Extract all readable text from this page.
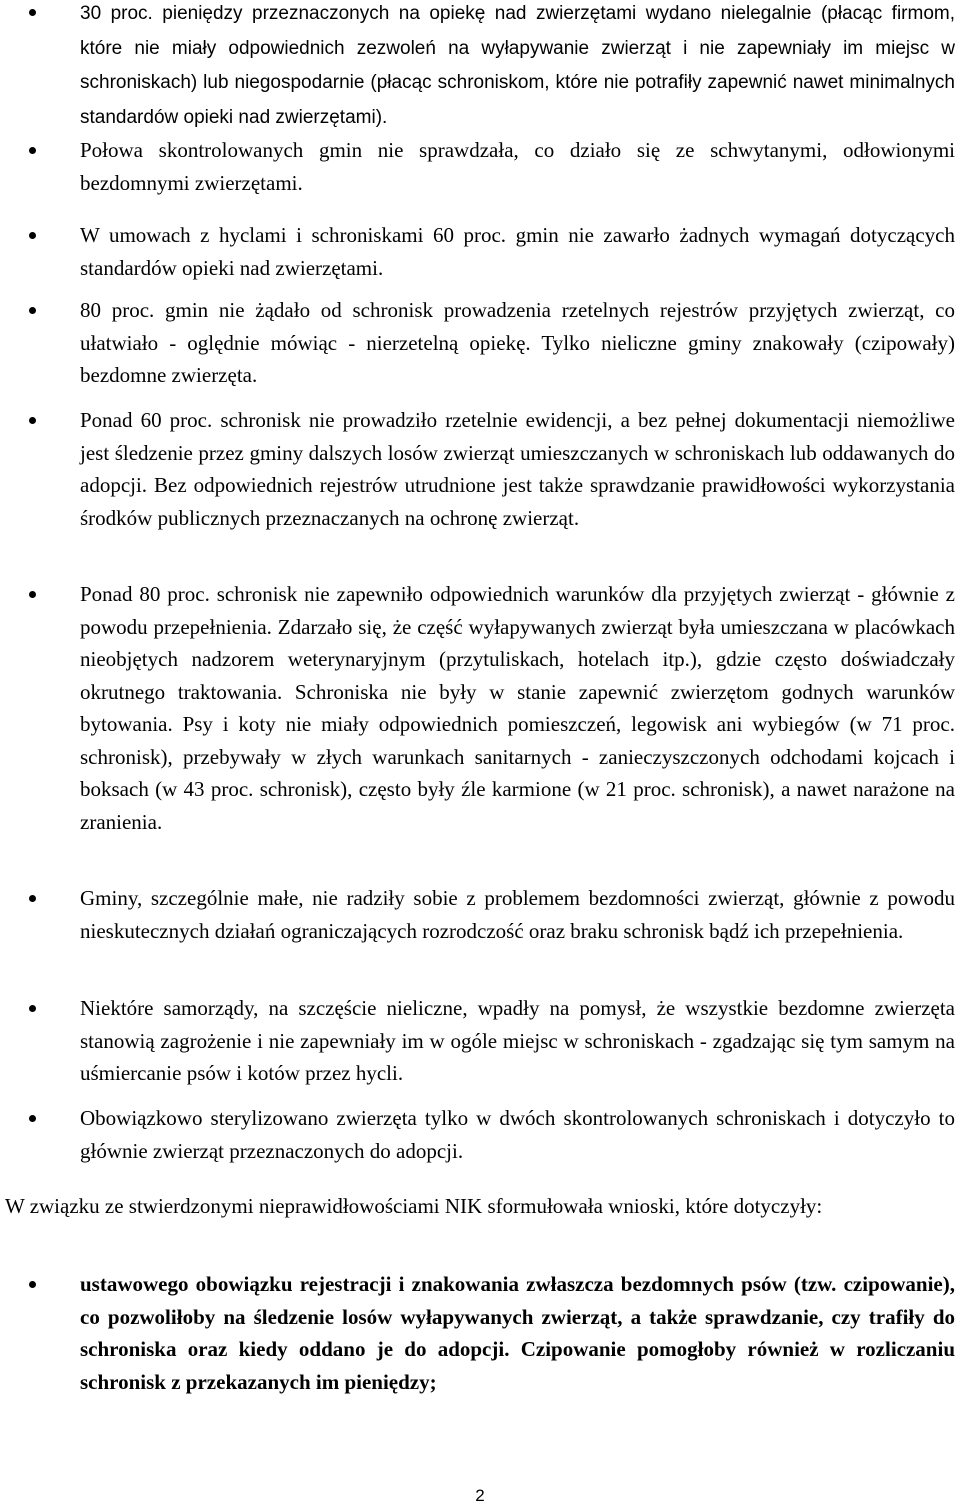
30 proc. pieniędzy przeznaczonych na opiekę nad zwierzętami wydano nielegalnie (płacąc firmom, które nie miały odpowiednich zezwoleń na wyłapywanie zwierząt i nie zapewniały im miejsc w schroniskach) lub niegospodarnie (płacąc schroniskom, które nie potrafiły zapewnić nawet minimalnych standardów opieki nad zwierzętami).
Połowa skontrolowanych gmin nie sprawdzała, co działo się ze schwytanymi, odłowionymi bezdomnymi zwierzętami.
W umowach z hyclami i schroniskami 60 proc. gmin nie zawarło żadnych wymagań dotyczących standardów opieki nad zwierzętami.
80 proc. gmin nie żądało od schronisk prowadzenia rzetelnych rejestrów przyjętych zwierząt, co ułatwiało - oględnie mówiąc - nierzetelną opiekę. Tylko nieliczne gminy znakowały (czipowały) bezdomne zwierzęta.
Ponad 60 proc. schronisk nie prowadziło rzetelnie ewidencji, a bez pełnej dokumentacji niemożliwe jest śledzenie przez gminy dalszych losów zwierząt umieszczanych w schroniskach lub oddawanych do adopcji. Bez odpowiednich rejestrów utrudnione jest także sprawdzanie prawidłowości wykorzystania środków publicznych przeznaczanych na ochronę zwierząt.
Ponad 80 proc. schronisk nie zapewniło odpowiednich warunków dla przyjętych zwierząt - głównie z powodu przepełnienia. Zdarzało się, że część wyłapywanych zwierząt była umieszczana w placówkach nieobjętych nadzorem weterynaryjnym (przytuliskach, hotelach itp.), gdzie często doświadczały okrutnego traktowania. Schroniska nie były w stanie zapewnić zwierzętom godnych warunków bytowania. Psy i koty nie miały odpowiednich pomieszczeń, legowisk ani wybiegów (w 71 proc. schronisk), przebywały w złych warunkach sanitarnych - zanieczyszczonych odchodami kojcach i boksach (w 43 proc. schronisk), często były źle karmione (w 21 proc. schronisk), a nawet narażone na zranienia.
Gminy, szczególnie małe, nie radziły sobie z problemem bezdomności zwierząt, głównie z powodu nieskutecznych działań ograniczających rozrodczość oraz braku schronisk bądź ich przepełnienia.
Niektóre samorządy, na szczęście nieliczne, wpadły na pomysł, że wszystkie bezdomne zwierzęta stanowią zagrożenie i nie zapewniały im w ogóle miejsc w schroniskach - zgadzając się tym samym na uśmiercanie psów i kotów przez hycli.
Obowiązkowo sterylizowano zwierzęta tylko w dwóch skontrolowanych schroniskach i dotyczyło to głównie zwierząt przeznaczonych do adopcji.

W związku ze stwierdzonymi nieprawidłowościami NIK sformułowała wnioski, które dotyczyły:

ustawowego obowiązku rejestracji i znakowania zwłaszcza bezdomnych psów (tzw. czipowanie), co pozwoliłoby na śledzenie losów wyłapywanych zwierząt, a także sprawdzanie, czy trafiły do schroniska oraz kiedy oddano je do adopcji. Czipowanie pomogłoby również w rozliczaniu schronisk z przekazanych im pieniędzy;
2
